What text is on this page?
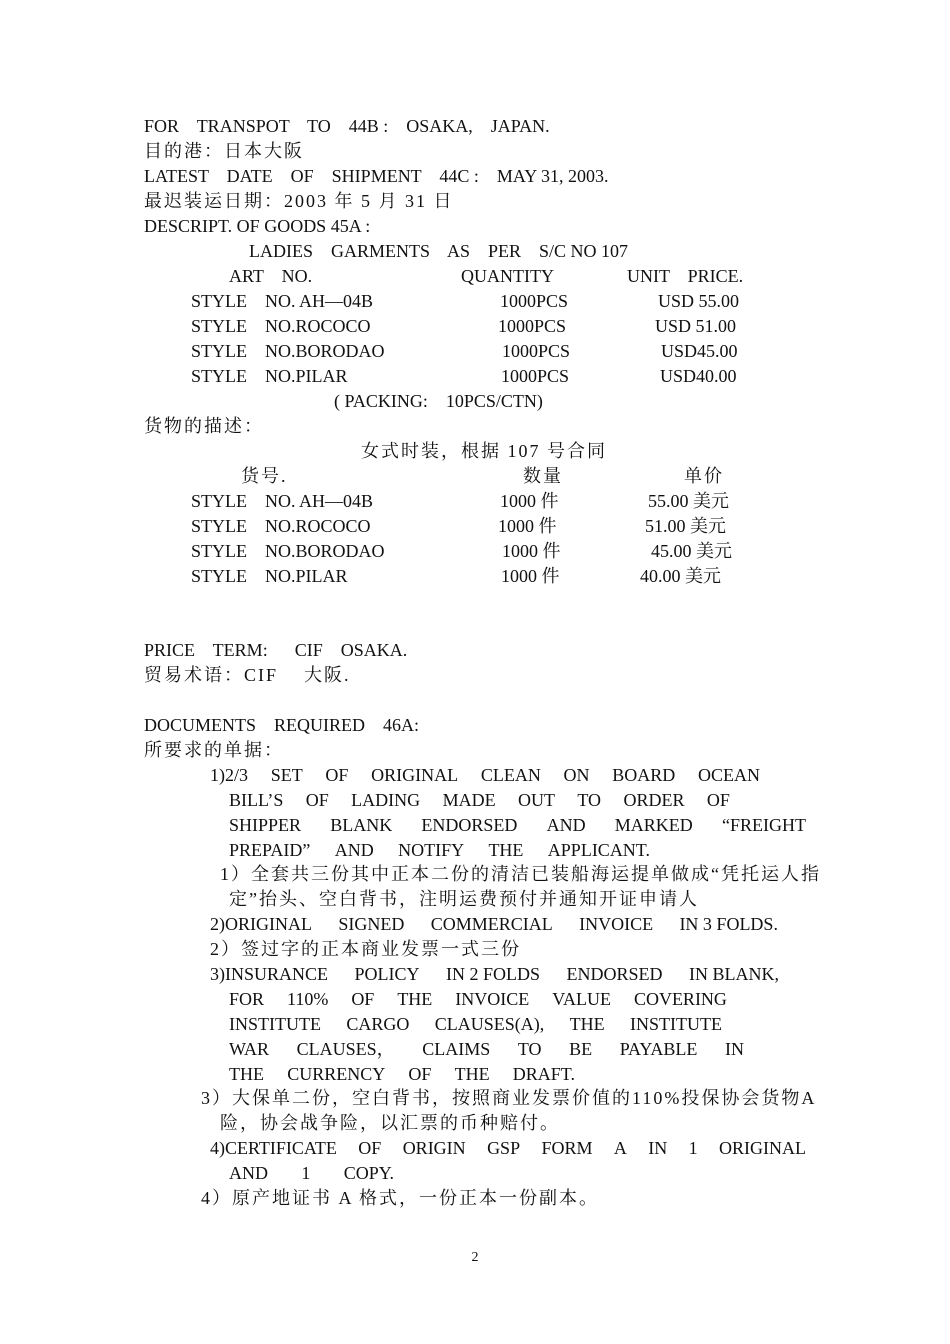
FOR    TRANSPOT    TO    44B :    OSAKA,    JAPAN.
目的港：日本大阪
LATEST    DATE    OF    SHIPMENT    44C :    MAY 31, 2003.
最迟装运日期：2003 年 5 月 31 日
DESCRIPT. OF GOODS 45A :
LADIES    GARMENTS    AS    PER    S/C NO 107
ART    NO.	QUANTITY	UNIT    PRICE.
STYLE    NO. AH—04B	1000PCS	USD 55.00
STYLE    NO.ROCOCO	1000PCS	USD 51.00
STYLE    NO.BORODAO	1000PCS	USD45.00
STYLE    NO.PILAR	1000PCS	USD40.00
( PACKING:    10PCS/CTN)
货物的描述：
女式时装，根据 107 号合同
货号.	数量	单价
STYLE    NO. AH—04B	1000 件	55.00 美元
STYLE    NO.ROCOCO	1000 件	51.00 美元
STYLE    NO.BORODAO	1000 件	45.00 美元
STYLE    NO.PILAR	1000 件	40.00 美元
PRICE    TERM:      CIF    OSAKA.
贸易术语：CIF    大阪.
DOCUMENTS    REQUIRED    46A:
所要求的单据：
1)2/3 SET OF ORIGINAL CLEAN ON BOARD OCEAN
BILL’S OF LADING MADE OUT TO ORDER OF
SHIPPER BLANK ENDORSED AND MARKED “FREIGHT
PREPAID” AND NOTIFY THE APPLICANT.
1）全套共三份其中正本二份的清洁已装船海运提单做成“凭托运人指
定”抬头、空白背书，注明运费预付并通知开证申请人
2)ORIGINAL SIGNED COMMERCIAL INVOICE IN 3 FOLDS.
2）签过字的正本商业发票一式三份
3)INSURANCE POLICY IN 2 FOLDS ENDORSED IN BLANK,
FOR 110% OF THE INVOICE VALUE COVERING
INSTITUTE CARGO CLAUSES(A), THE INSTITUTE
WAR CLAUSES， CLAIMS TO BE PAYABLE IN
THE CURRENCY OF THE DRAFT.
3）大保单二份，空白背书，按照商业发票价值的 110%投保协会货物 A
险，协会战争险，以汇票的币种赔付。
4)CERTIFICATE OF ORIGIN GSP FORM A IN 1 ORIGINAL
AND 1 COPY.
4）原产地证书 A 格式，一份正本一份副本。
2
